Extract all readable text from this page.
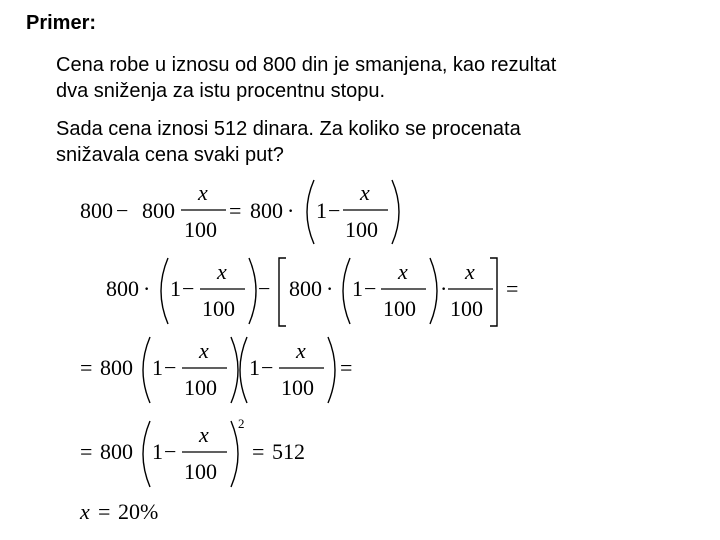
Primer:
Cena robe u iznosu od 800 din je smanjena, kao rezultat
dva sniženja za istu procentnu stopu.
Sada cena iznosi 512 dinara. Za koliko se procenata
snižavala cena svaki put?
800 − 800
x
100
= 800 · 1 −
x
100
800 · 1 −
x
100
− 800 · 1 −
x
100
·
x
100
=
= 800 1 −
x
100
1 −
x
100
=
= 800 1 −
x
100
2
= 512
x = 20%
